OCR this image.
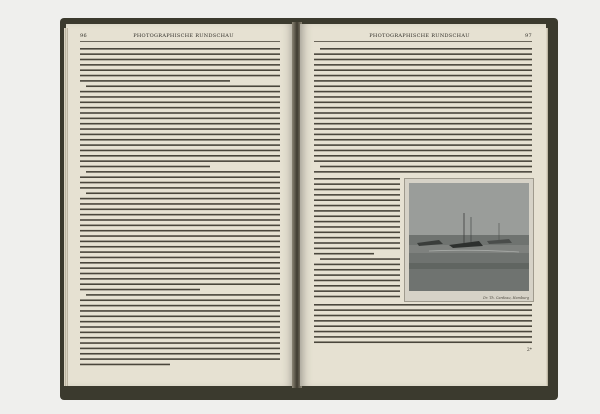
96	PHOTOGRAPHISCHE RUNDSCHAU	PHOTOGRAPHISCHE RUNDSCHAU	97
Dr. Th. Cardeau, Hamburg
2*
